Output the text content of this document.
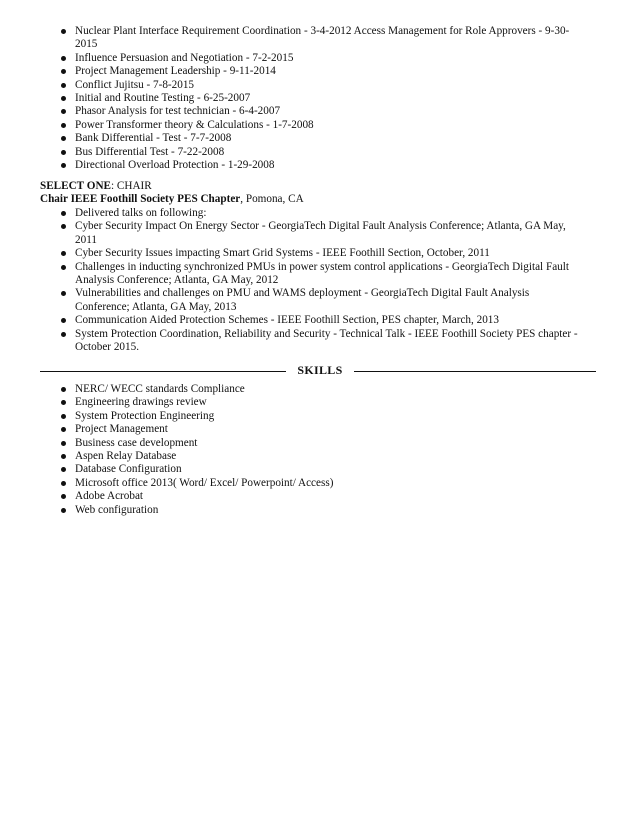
Nuclear Plant Interface Requirement Coordination - 3-4-2012 Access Management for Role Approvers - 9-30-2015
Influence Persuasion and Negotiation - 7-2-2015
Project Management Leadership - 9-11-2014
Conflict Jujitsu - 7-8-2015
Initial and Routine Testing - 6-25-2007
Phasor Analysis for test technician - 6-4-2007
Power Transformer theory & Calculations - 1-7-2008
Bank Differential - Test - 7-7-2008
Bus Differential Test - 7-22-2008
Directional Overload Protection - 1-29-2008
SELECT ONE: CHAIR
Chair IEEE Foothill Society PES Chapter, Pomona, CA
Delivered talks on following:
Cyber Security Impact On Energy Sector - GeorgiaTech Digital Fault Analysis Conference; Atlanta, GA May, 2011
Cyber Security Issues impacting Smart Grid Systems - IEEE Foothill Section, October, 2011
Challenges in inducting synchronized PMUs in power system control applications - GeorgiaTech Digital Fault Analysis Conference; Atlanta, GA May, 2012
Vulnerabilities and challenges on PMU and WAMS deployment - GeorgiaTech Digital Fault Analysis Conference; Atlanta, GA May, 2013
Communication Aided Protection Schemes - IEEE Foothill Section, PES chapter, March, 2013
System Protection Coordination, Reliability and Security - Technical Talk - IEEE Foothill Society PES chapter - October 2015.
SKILLS
NERC/ WECC standards Compliance
Engineering drawings review
System Protection Engineering
Project Management
Business case development
Aspen Relay Database
Database Configuration
Microsoft office 2013( Word/ Excel/ Powerpoint/ Access)
Adobe Acrobat
Web configuration
